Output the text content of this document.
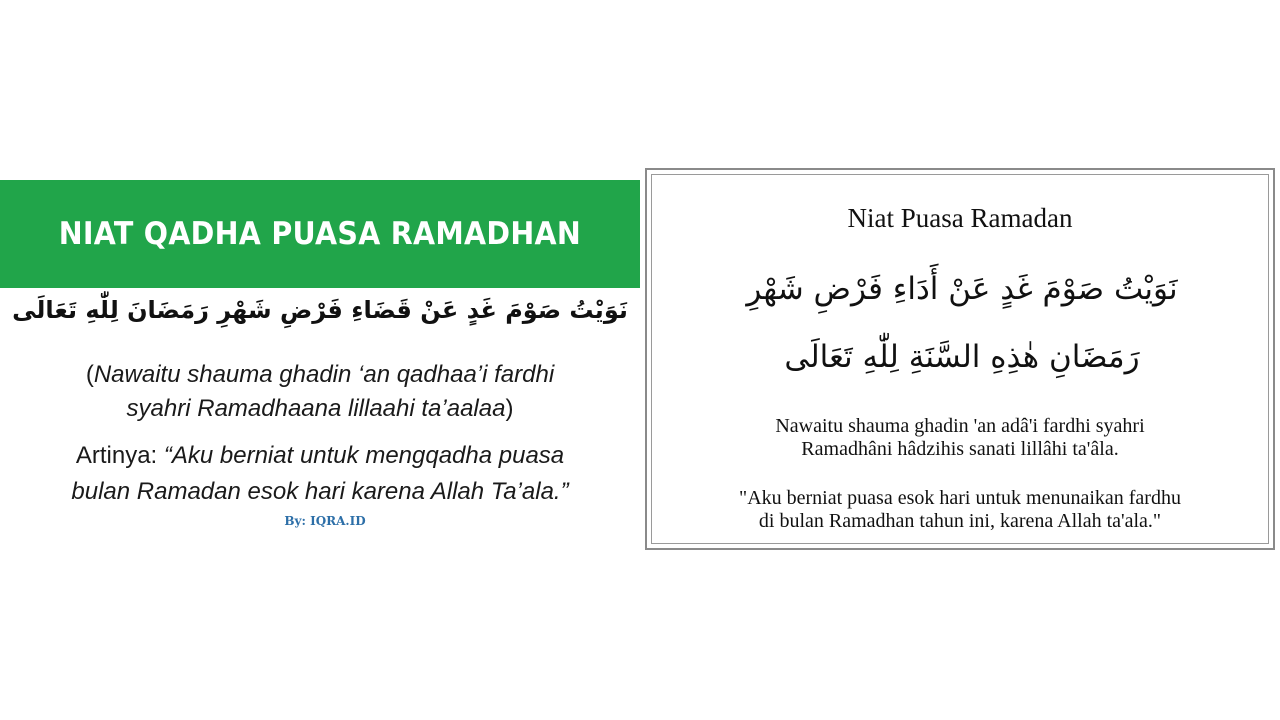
NIAT QADHA PUASA RAMADHAN
نَوَيْتُ صَوْمَ غَدٍ عَنْ قَضَاءِ فَرْضِ شَهْرِ رَمَضَانَ لِلّٰهِ تَعَالَى
(Nawaitu shauma ghadin ‘an qadhaa’i fardhi
syahri Ramadhaana lillaahi ta’aalaa)
Artinya: “Aku berniat untuk mengqadha puasa
bulan Ramadan esok hari karena Allah Ta’ala.”
By: IQRA.ID
Niat Puasa Ramadan
نَوَيْتُ صَوْمَ غَدٍ عَنْ أَدَاءِ فَرْضِ شَهْرِ
رَمَضَانِ هٰذِهِ السَّنَةِ لِلّٰهِ تَعَالَى
Nawaitu shauma ghadin 'an adâ'i fardhi syahri
Ramadhâni hâdzihis sanati lillâhi ta'âla.
"Aku berniat puasa esok hari untuk menunaikan fardhu
di bulan Ramadhan tahun ini, karena Allah ta'ala."
